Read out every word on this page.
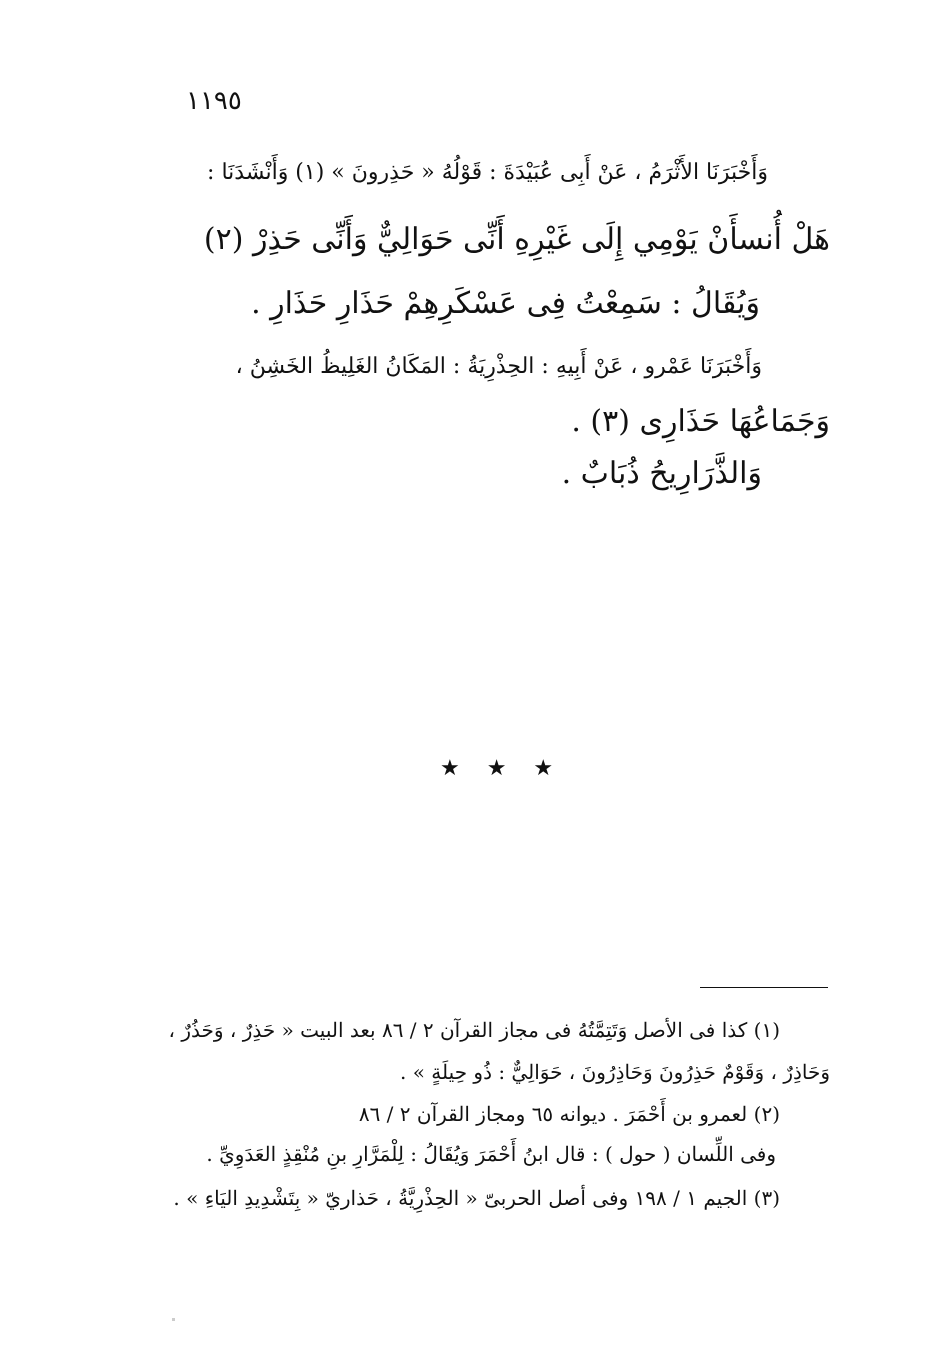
١١٩٥
وَأَخْبَرَنَا الأَثْرَمُ ، عَنْ أَبِى عُبَيْدَةَ : قَوْلُهُ « حَذِرونَ » (١) وَأَنْشَدَنَا :
هَلْ أُنسأَنْ يَوْمِي إِلَى غَيْرِهِ أَنِّى حَوَالِيٌّ وَأَنِّى حَذِرْ (٢)
وَيُقَالُ : سَمِعْتُ فِى عَسْكَرِهِمْ حَذَارِ حَذَارِ .
وَأَخْبَرَنَا عَمْرو ، عَنْ أَبِيهِ : الحِذْرِيَةُ : المَكَانُ الغَلِيظُ الخَشِنُ ،
وَجَمَاعُهَا حَذَارِى (٣) .
وَالذَّرَارِيحُ ذُبَابٌ .
★ ★ ★
(١) كذا فى الأصل وَتَتِمَّتُهُ فى مجاز القرآن ٢ / ٨٦ بعد البيت « حَذِرٌ ، وَحَذُرٌ ،
وَحَاذِرٌ ، وَقَوْمٌ حَذِرُونَ وَحَاذِرُونَ ، حَوَالِيٌّ : ذُو حِيلَةٍ » .
(٢) لعمرو بن أَحْمَرَ . ديوانه ٦٥ ومجاز القرآن ٢ / ٨٦
وفى اللِّسان ( حول ) : قال ابنُ أَحْمَرَ وَيُقَالُ : لِلْمَرَّارِ بنِ مُنْقِذٍ العَدَوِيِّ .
(٣) الجيم ١ / ١٩٨ وفى أصل الحربىّ « الحِذْرِيَّةُ ، حَذاريّ « بِتَشْدِيدِ اليَاءِ » .
